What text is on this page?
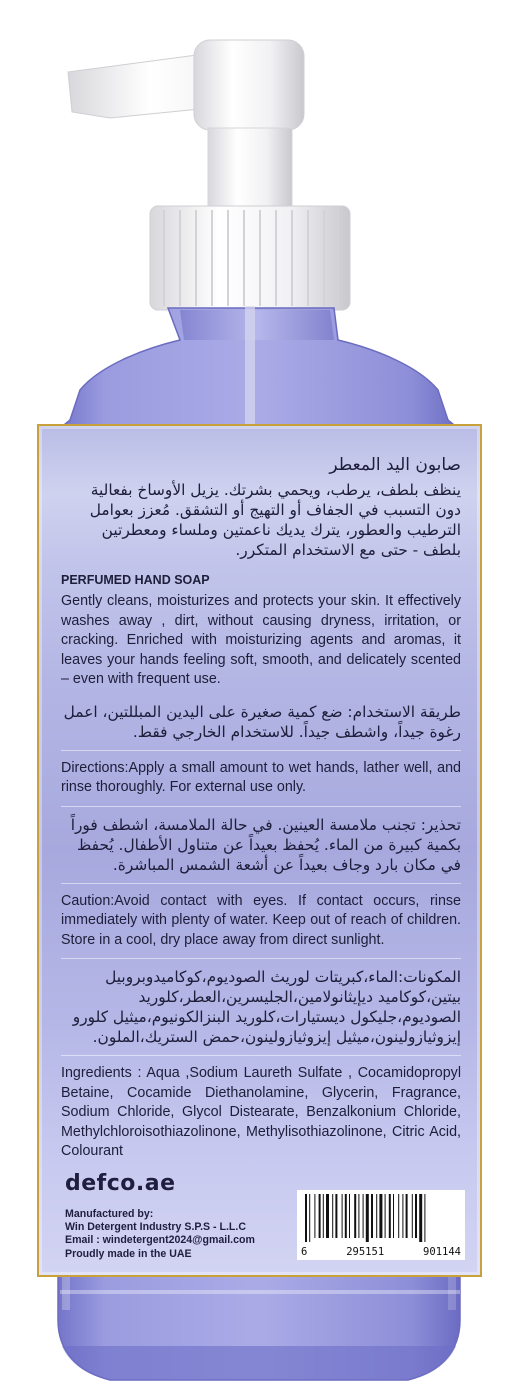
صابون اليد المعطر

ينظف بلطف، يرطب، ويحمي بشرتك. يزيل الأوساخ بفعالية دون التسبب في الجفاف أو التهيج أو التشقق. مُعزز بعوامل الترطيب والعطور، يترك يديك ناعمتين وملساء ومعطرتين بلطف - حتى مع الاستخدام المتكرر.

PERFUMED HAND SOAP

Gently cleans, moisturizes and protects your skin. It effectively washes away , dirt, without causing dryness, irritation, or cracking. Enriched with moisturizing agents and aromas, it leaves your hands feeling soft, smooth, and delicately scented – even with frequent use.

طريقة الاستخدام: ضع كمية صغيرة على اليدين المبللتين، اعمل رغوة جيداً، واشطف جيداً. للاستخدام الخارجي فقط.

Directions:Apply a small amount to wet hands, lather well, and rinse thoroughly. For external use only.

تحذير: تجنب ملامسة العينين. في حالة الملامسة، اشطف فوراً بكمية كبيرة من الماء. يُحفظ بعيداً عن متناول الأطفال. يُحفظ في مكان بارد وجاف بعيداً عن أشعة الشمس المباشرة.

Caution:Avoid contact with eyes. If contact occurs, rinse immediately with plenty of water. Keep out of reach of children. Store in a cool, dry place away from direct sunlight.

المكونات:الماء،كبريتات لوريث الصوديوم،كوكاميدوبروبيل بيتين،كوكاميد ديإيثانولامين،الجليسرين،العطر،كلوريد الصوديوم،جليكول ديستيارات،كلوريد البنزالكونيوم،ميثيل كلورو إيزوثيازولينون،ميثيل إيزوثيازولينون،حمض الستريك،الملون.

Ingredients : Aqua ,Sodium Laureth Sulfate , Cocamidopropyl Betaine, Cocamide Diethanolamine, Glycerin, Fragrance, Sodium Chloride, Glycol Distearate, Benzalkonium Chloride, Methylchloroisothiazolinone, Methylisothiazolinone, Citric Acid, Colourant

defco.ae
Manufactured by:
Win Detergent Industry S.P.S - L.L.C
Email : windetergent2024@gmail.com
Proudly made in the UAE	6	295151	901144
